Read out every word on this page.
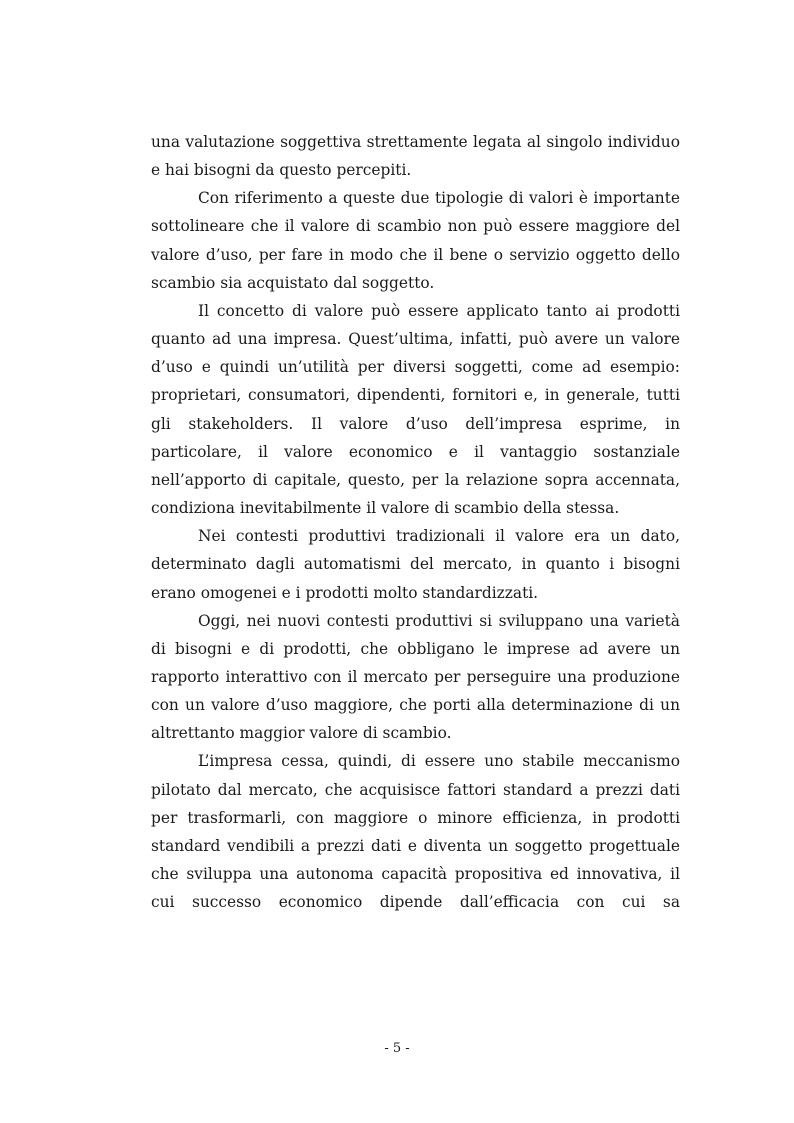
una valutazione soggettiva strettamente legata al singolo individuo e hai bisogni da questo percepiti.

Con riferimento a queste due tipologie di valori è importante sottolineare che il valore di scambio non può essere maggiore del valore d’uso, per fare in modo che il bene o servizio oggetto dello scambio sia acquistato dal soggetto.

Il concetto di valore può essere applicato tanto ai prodotti quanto ad una impresa. Quest’ultima, infatti, può avere un valore d’uso e quindi un’utilità per diversi soggetti, come ad esempio: proprietari, consumatori, dipendenti, fornitori e, in generale, tutti gli stakeholders. Il valore d’uso dell’impresa esprime, in particolare, il valore economico e il vantaggio sostanziale nell’apporto di capitale, questo, per la relazione sopra accennata, condiziona inevitabilmente il valore di scambio della stessa.

Nei contesti produttivi tradizionali il valore era un dato, determinato dagli automatismi del mercato, in quanto i bisogni erano omogenei e i prodotti molto standardizzati.

Oggi, nei nuovi contesti produttivi si sviluppano una varietà di bisogni e di prodotti, che obbligano le imprese ad avere un rapporto interattivo con il mercato per perseguire una produzione con un valore d’uso maggiore, che porti alla determinazione di un altrettanto maggior valore di scambio.

L’impresa cessa, quindi, di essere uno stabile meccanismo pilotato dal mercato, che acquisisce fattori standard a prezzi dati per trasformarli, con maggiore o minore efficienza, in prodotti standard vendibili a prezzi dati e diventa un soggetto progettuale che sviluppa una autonoma capacità propositiva ed innovativa, il cui successo economico dipende dall’efficacia con cui sa

- 5 -
